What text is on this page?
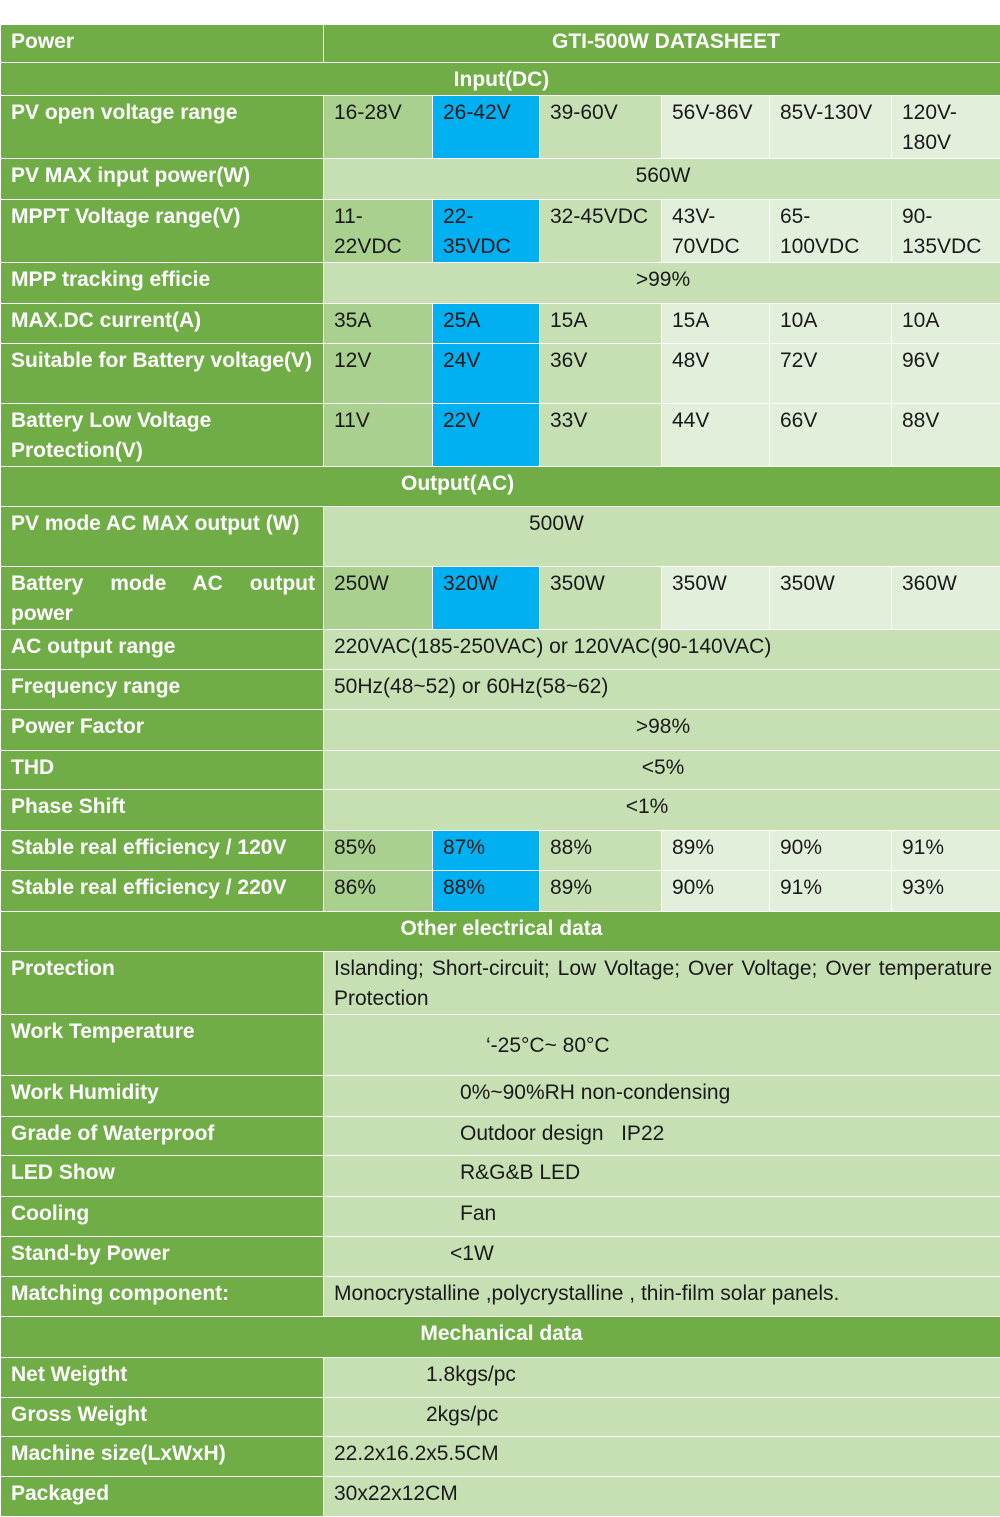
Power	GTI-500W DATASHEET					
Input(DC)						
PV open voltage range	16-28V	26-42V	39-60V	56V-86V	85V-130V	120V-180V
PV MAX input power(W)	560W					
MPPT Voltage range(V)	11-22VDC	22-35VDC	32-45VDC	43V-70VDC	65-100VDC	90-135VDC
MPP tracking efficie	>99%					
MAX.DC current(A)	35A	25A	15A	15A	10A	10A
Suitable for Battery voltage(V)	12V	24V	36V	48V	72V	96V
Battery Low Voltage Protection(V)	11V	22V	33V	44V	66V	88V
Output(AC)						
PV mode AC MAX output (W)	500W					
Battery mode AC output power	250W	320W	350W	350W	350W	360W
AC output range	220VAC(185-250VAC) or 120VAC(90-140VAC)					
Frequency range	50Hz(48~52) or 60Hz(58~62)					
Power Factor	>98%					
THD	<5%					
Phase Shift	<1%					
Stable real efficiency / 120V	85%	87%	88%	89%	90%	91%
Stable real efficiency / 220V	86%	88%	89%	90%	91%	93%
Other electrical data						
Protection	Islanding; Short-circuit; Low Voltage; Over Voltage; Over temperature Protection					
Work Temperature	‘-25°C~ 80°C					
Work Humidity	0%~90%RH non-condensing					
Grade of Waterproof	Outdoor design   IP22					
LED Show	R&G&B LED					
Cooling	Fan					
Stand-by Power	<1W					
Matching component:	Monocrystalline ,polycrystalline , thin-film solar panels.					
Mechanical data						
Net Weigtht	1.8kgs/pc					
Gross Weight	2kgs/pc					
Machine size(LxWxH)	22.2x16.2x5.5CM					
Packaged	30x22x12CM					
